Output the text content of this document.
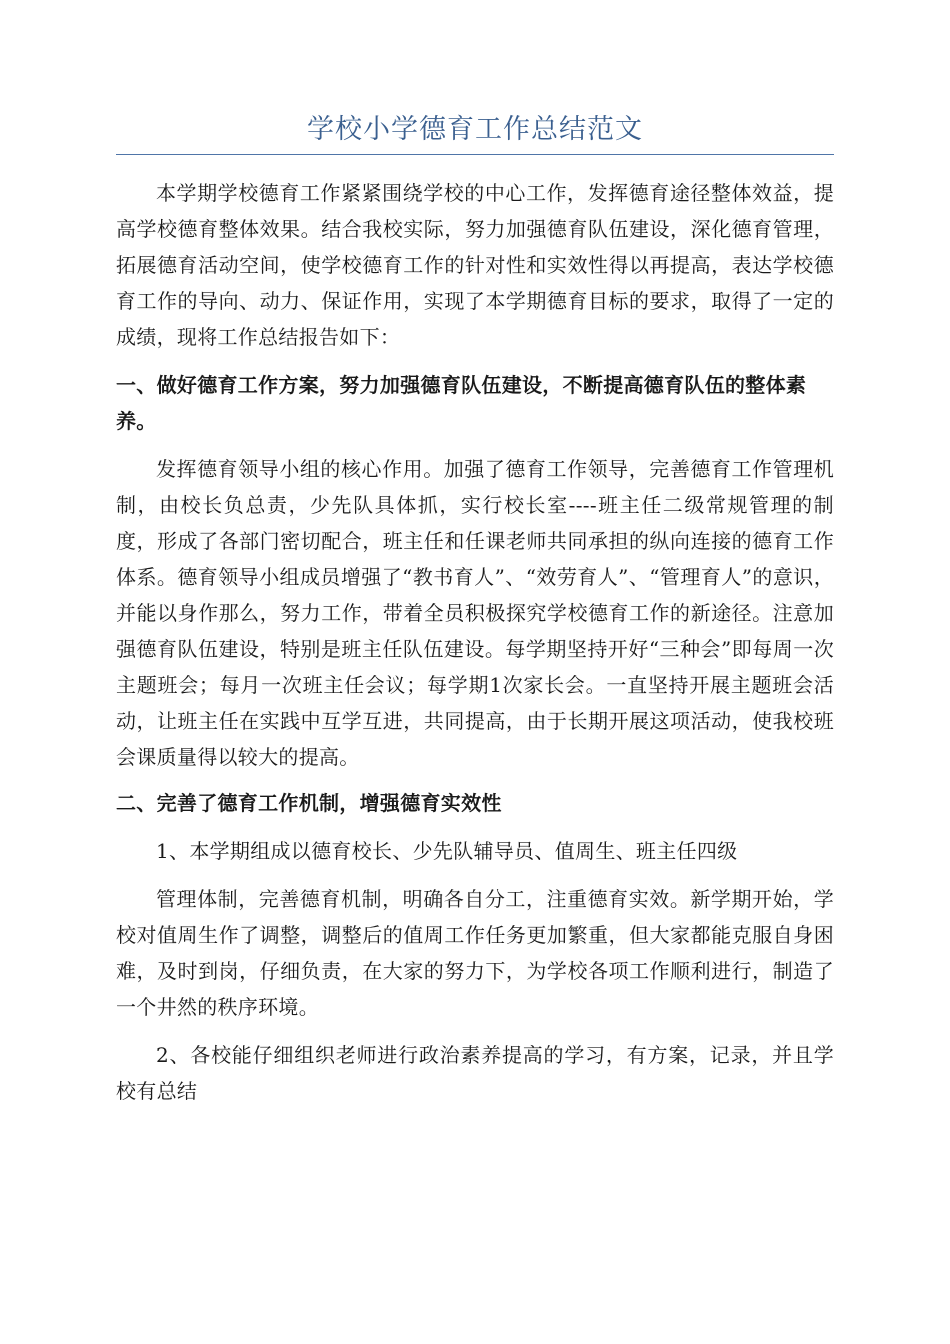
学校小学德育工作总结范文

本学期学校德育工作紧紧围绕学校的中心工作，发挥德育途径整体效益，提高学校德育整体效果。结合我校实际，努力加强德育队伍建设，深化德育管理，拓展德育活动空间，使学校德育工作的针对性和实效性得以再提高，表达学校德育工作的导向、动力、保证作用，实现了本学期德育目标的要求，取得了一定的成绩，现将工作总结报告如下：

一、做好德育工作方案，努力加强德育队伍建设，不断提高德育队伍的整体素养。

发挥德育领导小组的核心作用。加强了德育工作领导，完善德育工作管理机制，由校长负总责，少先队具体抓，实行校长室----班主任二级常规管理的制度，形成了各部门密切配合，班主任和任课老师共同承担的纵向连接的德育工作体系。德育领导小组成员增强了“教书育人”、“效劳育人”、“管理育人”的意识，并能以身作那么，努力工作，带着全员积极探究学校德育工作的新途径。注意加强德育队伍建设，特别是班主任队伍建设。每学期坚持开好“三种会”即每周一次主题班会；每月一次班主任会议；每学期1次家长会。一直坚持开展主题班会活动，让班主任在实践中互学互进，共同提高，由于长期开展这项活动，使我校班会课质量得以较大的提高。

二、完善了德育工作机制，增强德育实效性

1、本学期组成以德育校长、少先队辅导员、值周生、班主任四级

管理体制，完善德育机制，明确各自分工，注重德育实效。新学期开始，学校对值周生作了调整，调整后的值周工作任务更加繁重，但大家都能克服自身困难，及时到岗，仔细负责，在大家的努力下，为学校各项工作顺利进行，制造了一个井然的秩序环境。

2、各校能仔细组织老师进行政治素养提高的学习，有方案，记录，并且学校有总结
